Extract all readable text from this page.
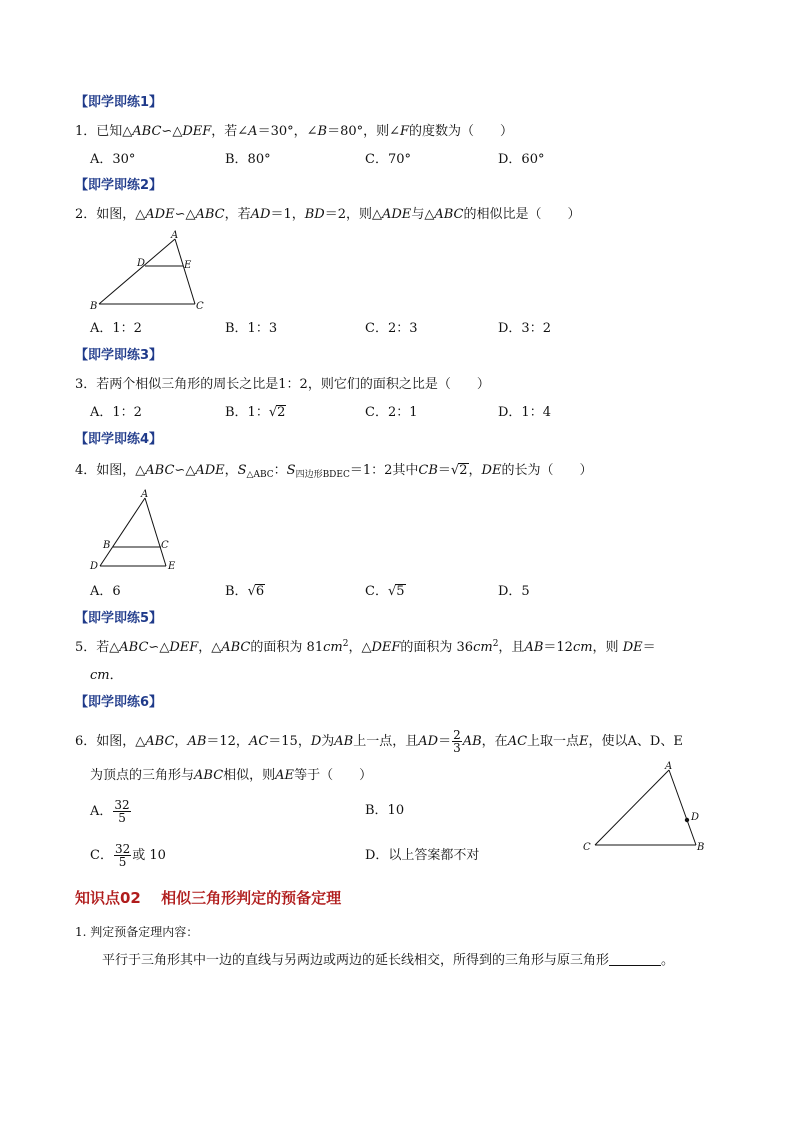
【即学即练1】
1．已知△ABC∽△DEF，若∠A＝30°，∠B＝80°，则∠F的度数为（　　）
A．30°	B．80°	C．70°	D．60°
【即学即练2】
2．如图，△ADE∽△ABC，若AD＝1，BD＝2，则△ADE与△ABC的相似比是（　　）
A
D	E
B	C
A．1：2	B．1：3	C．2：3	D．3：2
【即学即练3】
3．若两个相似三角形的周长之比是1：2，则它们的面积之比是（　　）
A．1：2	B．1：√2	C．2：1	D．1：4
【即学即练4】
4．如图，△ABC∽△ADE，$S_{\triangle ABC}$：$S_{四边形BDEC}=1$：2其中CB＝√2，DE的长为（　　）
A
B	C
D	E
A．6	B．√6	C．√5	D．5
【即学即练5】
5．若△ABC∽△DEF，△ABC的面积为 $81cm^2$，△DEF的面积为 $36cm^2$，且AB＝12cm，则 DE＝
cm．
【即学即练6】
6．如图，△ABC，AB＝12，AC＝15，D为AB上一点，且$AD= \frac{2}{3}$ AB，在AC上取一点E，使以A、D、E
为顶点的三角形与ABC相似，则AE等于（　　）
A． $\frac{32}{5}$	B．10
C． $\frac{32}{5}$ 或 10	D．以上答案都不对
A
D
C	B
知识点02　 相似三角形判定的预备定理
1. 判定预备定理内容：
平行于三角形其中一边的直线与另两边或两边的延长线相交，所得到的三角形与原三角形	。
